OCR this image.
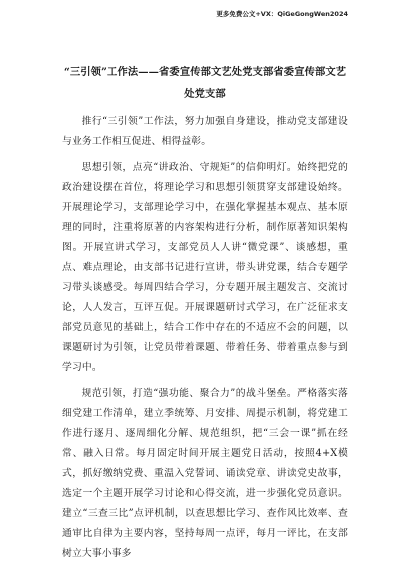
更多免费公文+VX：QiGeGongWen2024
“三引领”工作法——省委宣传部文艺处党支部省委宣传部文艺处党支部

推行“三引领”工作法，努力加强自身建设，推动党支部建设与业务工作相互促进、相得益彰。

思想引领，点亮“讲政治、守规矩”的信仰明灯。始终把党的政治建设摆在首位，将理论学习和思想引领贯穿支部建设始终。开展理论学习，支部理论学习中，在强化掌握基本观点、基本原理的同时，注重将原著的内容架构进行分析，制作原著知识架构图。开展宣讲式学习，支部党员人人讲“微党课”、谈感想，重点、难点理论，由支部书记进行宣讲，带头讲党课，结合专题学习带头谈感受。每周四结合学习，分专题开展主题发言、交流讨论，人人发言，互评互促。开展课题研讨式学习，在广泛征求支部党员意见的基础上，结合工作中存在的不适应不会的问题，以课题研讨为引领，让党员带着课题、带着任务、带着重点参与到学习中。

规范引领，打造“强功能、聚合力”的战斗堡垒。严格落实落细党建工作清单，建立季统筹、月安排、周提示机制，将党建工作进行逐月、逐周细化分解、规范组织，把“三会一课”抓在经常、融入日常。每月固定时间开展主题党日活动，按照4+X模式，抓好缴纳党费、重温入党誓词、诵读党章、讲读党史故事，选定一个主题开展学习讨论和心得交流，进一步强化党员意识。建立“三查三比”点评机制，以查思想比学习、查作风比效率、查通审比自律为主要内容，坚持每周一点评，每月一评比，在支部树立大事小事多
